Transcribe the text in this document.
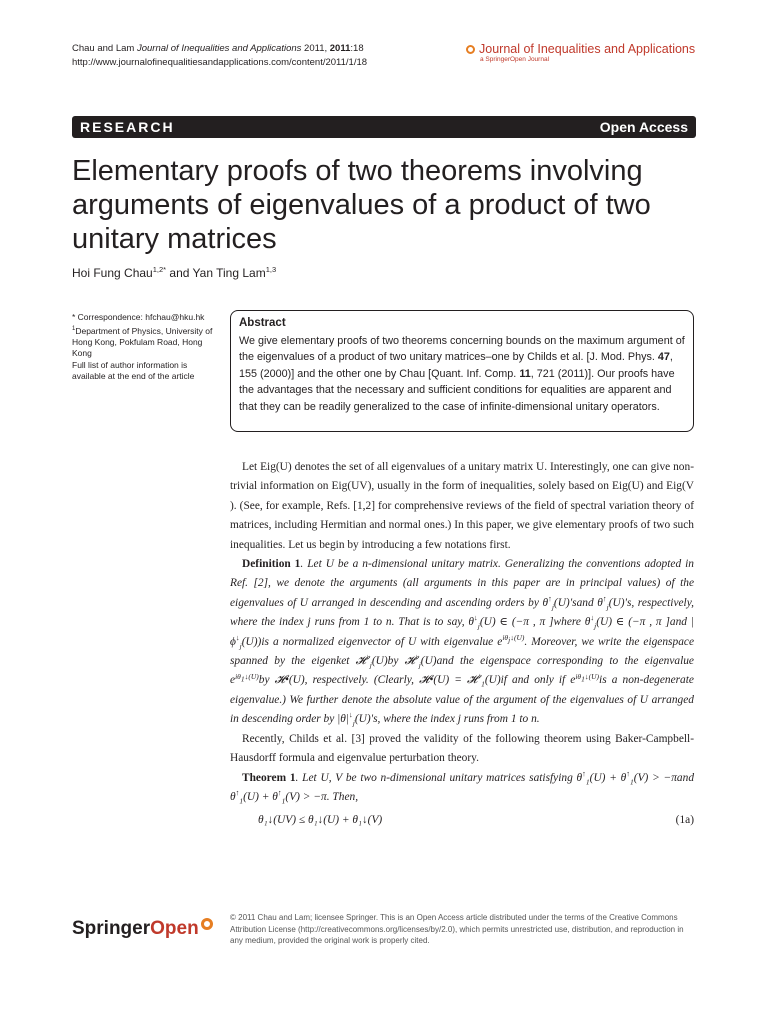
Chau and Lam Journal of Inequalities and Applications 2011, 2011:18
http://www.journalofinequalitiesandapplications.com/content/2011/1/18
Journal of Inequalities and Applications
a SpringerOpen Journal
RESEARCH	Open Access
Elementary proofs of two theorems involving arguments of eigenvalues of a product of two unitary matrices
Hoi Fung Chau$^{1,2*}$ and Yan Ting Lam$^{1,3}$
* Correspondence: hfchau@hku.hk
$^1$Department of Physics, University of Hong Kong, Pokfulam Road, Hong Kong
Full list of author information is available at the end of the article
Abstract
We give elementary proofs of two theorems concerning bounds on the maximum argument of the eigenvalues of a product of two unitary matrices–one by Childs et al. [J. Mod. Phys. 47, 155 (2000)] and the other one by Chau [Quant. Inf. Comp. 11, 721 (2011)]. Our proofs have the advantages that the necessary and sufficient conditions for equalities are apparent and that they can be readily generalized to the case of infinite-dimensional unitary operators.

Let Eig(U) denotes the set of all eigenvalues of a unitary matrix U. Interestingly, one can give non-trivial information on Eig(UV), usually in the form of inequalities, solely based on Eig(U) and Eig(V ). (See, for example, Refs. [1,2] for comprehensive reviews of the field of spectral variation theory of matrices, including Hermitian and normal ones.) In this paper, we give elementary proofs of two such inequalities. Let us begin by introducing a few notations first.

Definition 1. Let U be a n-dimensional unitary matrix. Generalizing the conventions adopted in Ref. [2], we denote the arguments (all arguments in this paper are in principal values) of the eigenvalues of U arranged in descending and ascending orders by $\theta^↑_j(U)'sand$ $\theta^↑_j(U)'s$, respectively, where the index j runs from 1 to n. That is to say, $\theta^↓_j(U)$ ∈ (−π , π ]where $\theta^↓_j(U)$ ∈ (−π , π ]and $|\phi^↓_j(U))is$ a normalized eigenvector of U with eigenvalue $e^{i\theta_j↓(U)}$. Moreover, we write the eigenspace spanned by the eigenket 𝓗↓$_j$(U)by 𝓗↓$_j$(U)and the eigenspace corresponding to the eigenvalue $e^{i\theta_1↓(U)}by$ 𝓗•(U), respectively. (Clearly, 𝓗•(U) = 𝓗↓$_1$(U)if and only if $e^{i\theta_1↓(U)}is$ a non-degenerate eigenvalue.) We further denote the absolute value of the argument of the eigenvalues of U arranged in descending order by $|\theta|^↓_j(U)'s$, where the index j runs from 1 to n.

Recently, Childs et al. [3] proved the validity of the following theorem using Baker-Campbell-Hausdorff formula and eigenvalue perturbation theory.

Theorem 1. Let U, V be two n-dimensional unitary matrices satisfying $\theta^↑_1(U) + \theta^↑_1(V) > -\pi and$ $\theta^↑_1(U) + \theta^↑_1(V) > -\pi$. Then,

θ₁↓(UV) ≤ θ₁↓(U) + θ₁↓(V)	(1a)
Springer Open
© 2011 Chau and Lam; licensee Springer. This is an Open Access article distributed under the terms of the Creative Commons Attribution License (http://creativecommons.org/licenses/by/2.0), which permits unrestricted use, distribution, and reproduction in any medium, provided the original work is properly cited.
